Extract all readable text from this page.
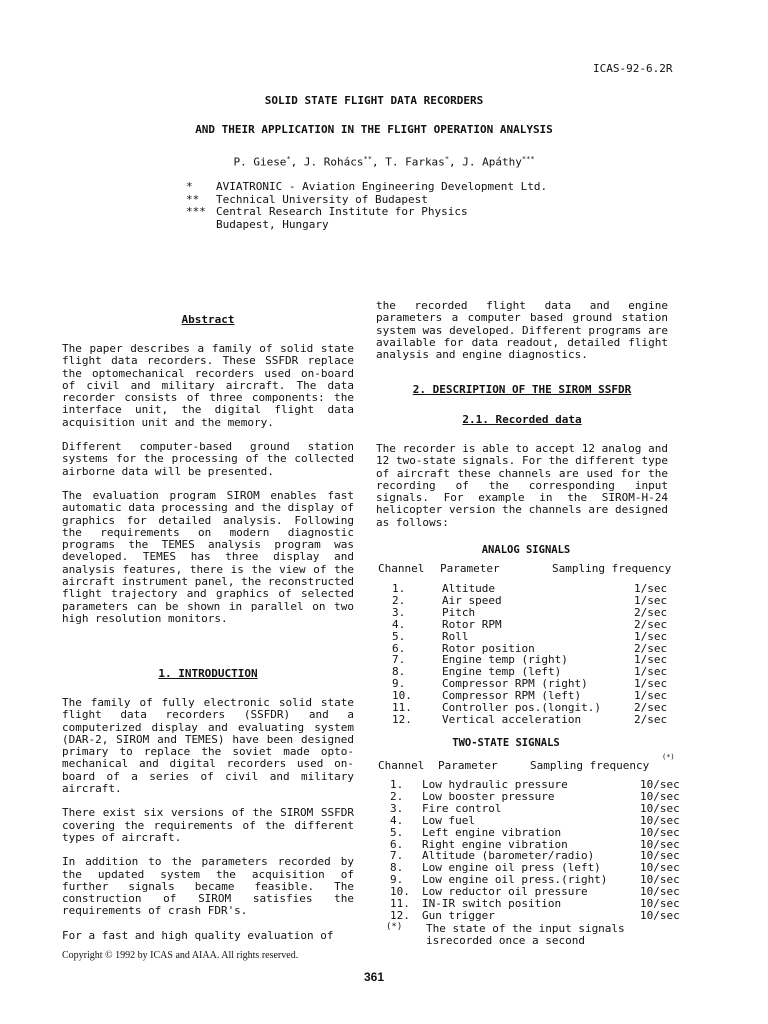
ICAS-92-6.2R
SOLID STATE FLIGHT DATA RECORDERS
AND THEIR APPLICATION IN THE FLIGHT OPERATION ANALYSIS
P. Giese*, J. Rohács**, T. Farkas*, J. Apáthy***
* AVIATRONIC - Aviation Engineering Development Ltd.
** Technical University of Budapest
*** Central Research Institute for Physics
Budapest, Hungary
Abstract

The paper describes a family of solid state flight data recorders. These SSFDR replace the optomechanical recorders used on-board of civil and military aircraft. The data recorder consists of three components: the interface unit, the digital flight data acquisition unit and the memory.

Different computer-based ground station systems for the processing of the collected airborne data will be presented.

The evaluation program SIROM enables fast automatic data processing and the display of graphics for detailed analysis. Following the requirements on modern diagnostic programs the TEMES analysis program was developed. TEMES has three display and analysis features, there is the view of the aircraft instrument panel, the reconstructed flight trajectory and graphics of selected parameters can be shown in parallel on two high resolution monitors.

1. INTRODUCTION

The family of fully electronic solid state flight data recorders (SSFDR) and a computerized display and evaluating system (DAR-2, SIROM and TEMES) have been designed primary to replace the soviet made opto-mechanical and digital recorders used on-board of a series of civil and military aircraft.

There exist six versions of the SIROM SSFDR covering the requirements of the different types of aircraft.

In addition to the parameters recorded by the updated system the acquisition of further signals became feasible. The construction of SIROM satisfies the requirements of crash FDR's.

For a fast and high quality evaluation of

the recorded flight data and engine parameters a computer based ground station system was developed. Different programs are available for data readout, detailed flight analysis and engine diagnostics.
2. DESCRIPTION OF THE SIROM SSFDR
2.1. Recorded data
The recorder is able to accept 12 analog and 12 two-state signals. For the different type of aircraft these channels are used for the recording of the corresponding input signals. For example in the SIROM-H-24 helicopter version the channels are designed as follows:
ANALOG SIGNALS
Channel Parameter	Sampling frequency
1.	Altitude	1/sec
2.	Air speed	1/sec
3.	Pitch	2/sec
4.	Rotor RPM	2/sec
5.	Roll	1/sec
6.	Rotor position	2/sec
7.	Engine temp (right)	1/sec
8.	Engine temp (left)	1/sec
9.	Compressor RPM (right)	1/sec
10.	Compressor RPM (left)	1/sec
11.	Controller pos.(longit.)	2/sec
12.	Vertical acceleration	2/sec
TWO-STATE SIGNALS
Channel Parameter	Sampling frequency
(*)
1. Low hydraulic pressure	10/sec
2. Low booster pressure	10/sec
3. Fire control	10/sec
4. Low fuel	10/sec
5. Left engine vibration	10/sec
6. Right engine vibration	10/sec
7. Altitude (barometer/radio)	10/sec
8. Low engine oil press (left)	10/sec
9. Low engine oil press.(right)	10/sec
10. Low reductor oil pressure	10/sec
11. IN-IR switch position	10/sec
12. Gun trigger	10/sec
(*) The state of the input signals
isrecorded once a second
Copyright © 1992 by ICAS and AIAA. All rights reserved.
361
